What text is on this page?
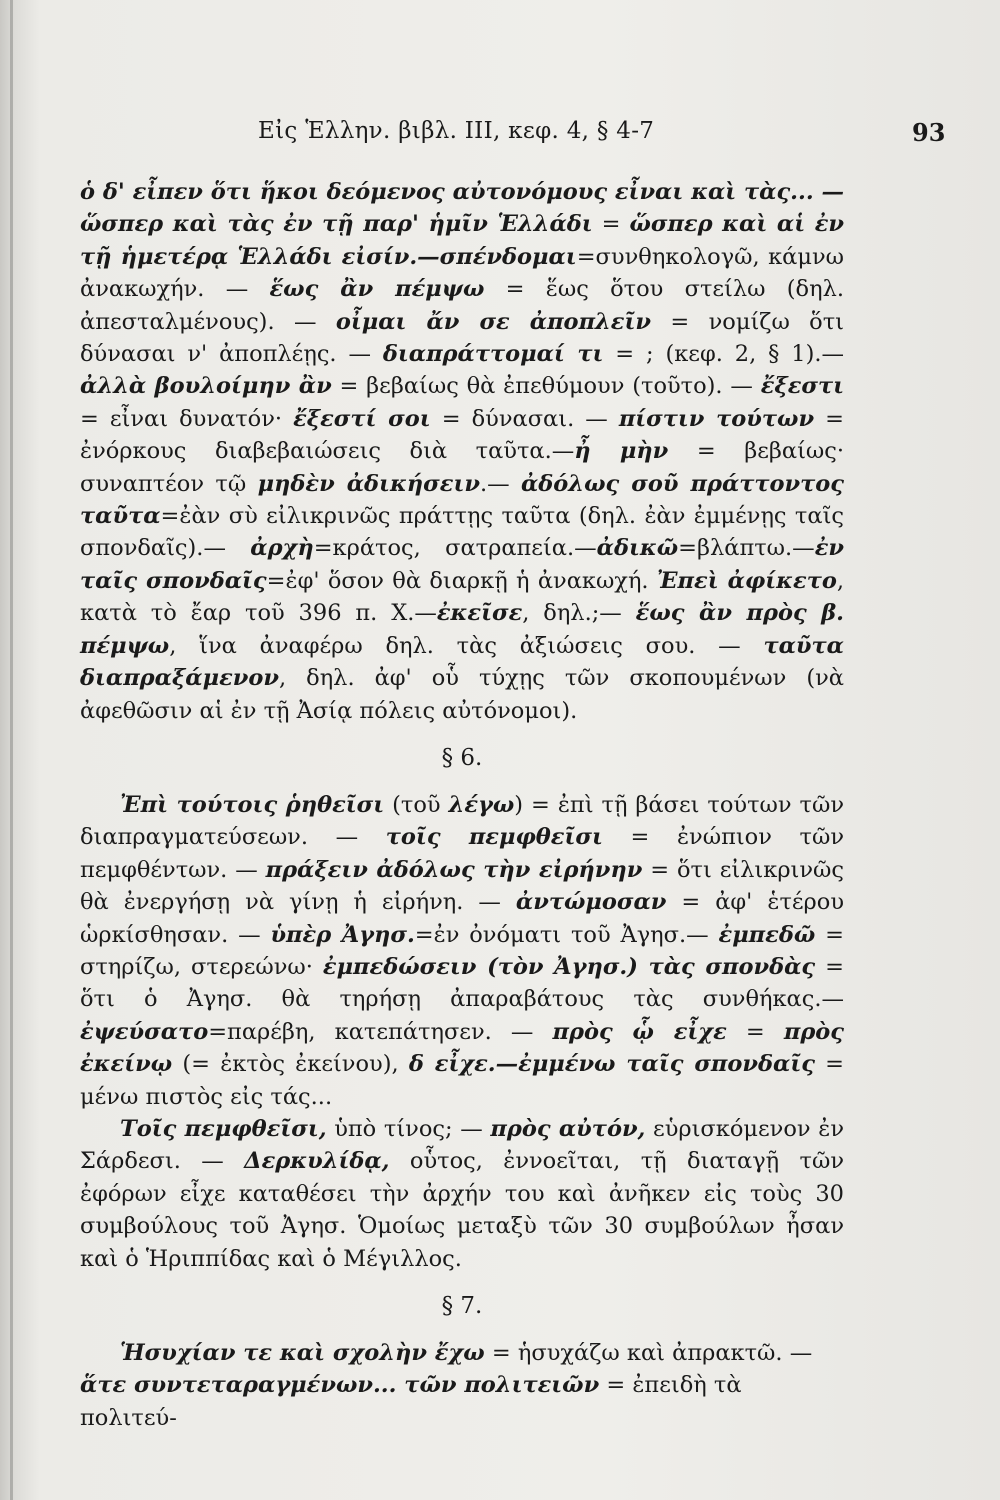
Εἰς Ἑλλην. βιβλ. III, κεφ. 4, § 4-7	93

ὁ δ' εἶπεν ὅτι ἥκοι δεόμενος αὐτονόμους εἶναι καὶ τὰς... —ὥσπερ καὶ τὰς ἐν τῇ παρ' ἡμῖν Ἑλλάδι = ὥσπερ καὶ αἱ ἐν τῇ ἡμετέρᾳ Ἑλλάδι εἰσίν.—σπένδομαι=συνθηκολογῶ, κάμνω ἀνακωχήν. — ἕως ἂν πέμψω = ἕως ὅτου στείλω (δηλ. ἀπεσταλμένους). — οἶμαι ἄν σε ἀποπλεῖν = νομίζω ὅτι δύνασαι ν' ἀποπλέῃς. — διαπράττομαί τι = ; (κεφ. 2, § 1).—ἀλλὰ βουλοίμην ἂν = βεβαίως θὰ ἐπεθύμουν (τοῦτο). — ἔξεστι = εἶναι δυνατόν· ἔξεστί σοι = δύνασαι. — πίστιν τούτων = ἐνόρκους διαβεβαιώσεις διὰ ταῦτα.—ἦ μὴν = βεβαίως· συναπτέον τῷ μηδὲν ἀδικήσειν.— ἀδόλως σοῦ πράττοντος ταῦτα=ἐὰν σὺ εἰλικρινῶς πράττῃς ταῦτα (δηλ. ἐὰν ἐμμένῃς ταῖς σπονδαῖς).— ἀρχὴ=κράτος, σατραπεία.—ἀδικῶ=βλάπτω.—ἐν ταῖς σπονδαῖς=ἐφ' ὅσον θὰ διαρκῇ ἡ ἀνακωχή. Ἐπεὶ ἀφίκετο, κατὰ τὸ ἔαρ τοῦ 396 π. Χ.—ἐκεῖσε, δηλ.;— ἕως ἂν πρὸς β. πέμψω, ἵνα ἀναφέρω δηλ. τὰς ἀξιώσεις σου. — ταῦτα διαπραξάμενον, δηλ. ἀφ' οὗ τύχῃς τῶν σκοπουμένων (νὰ ἀφεθῶσιν αἱ ἐν τῇ Ἀσίᾳ πόλεις αὐτόνομοι).

§ 6.

Ἐπὶ τούτοις ῥηθεῖσι (τοῦ λέγω) = ἐπὶ τῇ βάσει τούτων τῶν διαπραγματεύσεων. — τοῖς πεμφθεῖσι = ἐνώπιον τῶν πεμφθέντων. — πράξειν ἀδόλως τὴν εἰρήνην = ὅτι εἰλικρινῶς θὰ ἐνεργήσῃ νὰ γίνῃ ἡ εἰρήνη. — ἀντώμοσαν = ἀφ' ἑτέρου ὡρκίσθησαν. — ὑπὲρ Ἀγησ.=ἐν ὀνόματι τοῦ Ἀγησ.— ἐμπεδῶ = στηρίζω, στερεώνω· ἐμπεδώσειν (τὸν Ἀγησ.) τὰς σπονδὰς = ὅτι ὁ Ἀγησ. θὰ τηρήσῃ ἀπαραβάτους τὰς συνθήκας.—ἐψεύσατο=παρέβη, κατεπάτησεν. — πρὸς ᾧ εἶχε = πρὸς ἐκείνῳ (= ἐκτὸς ἐκείνου), δ εἶχε.—ἐμμένω ταῖς σπονδαῖς = μένω πιστὸς εἰς τάς...

Τοῖς πεμφθεῖσι, ὑπὸ τίνος; — πρὸς αὐτόν, εὑρισκόμενον ἐν Σάρδεσι. — Δερκυλίδᾳ, οὗτος, ἐννοεῖται, τῇ διαταγῇ τῶν ἐφόρων εἶχε καταθέσει τὴν ἀρχήν του καὶ ἀνῆκεν εἰς τοὺς 30 συμβούλους τοῦ Ἀγησ. Ὁμοίως μεταξὺ τῶν 30 συμβούλων ἦσαν καὶ ὁ Ἡριππίδας καὶ ὁ Μέγιλλος.

§ 7.

Ἡσυχίαν τε καὶ σχολὴν ἔχω = ἡσυχάζω καὶ ἀπρακτῶ. — ἅτε συντεταραγμένων... τῶν πολιτειῶν = ἐπειδὴ τὰ πολιτεύ-
